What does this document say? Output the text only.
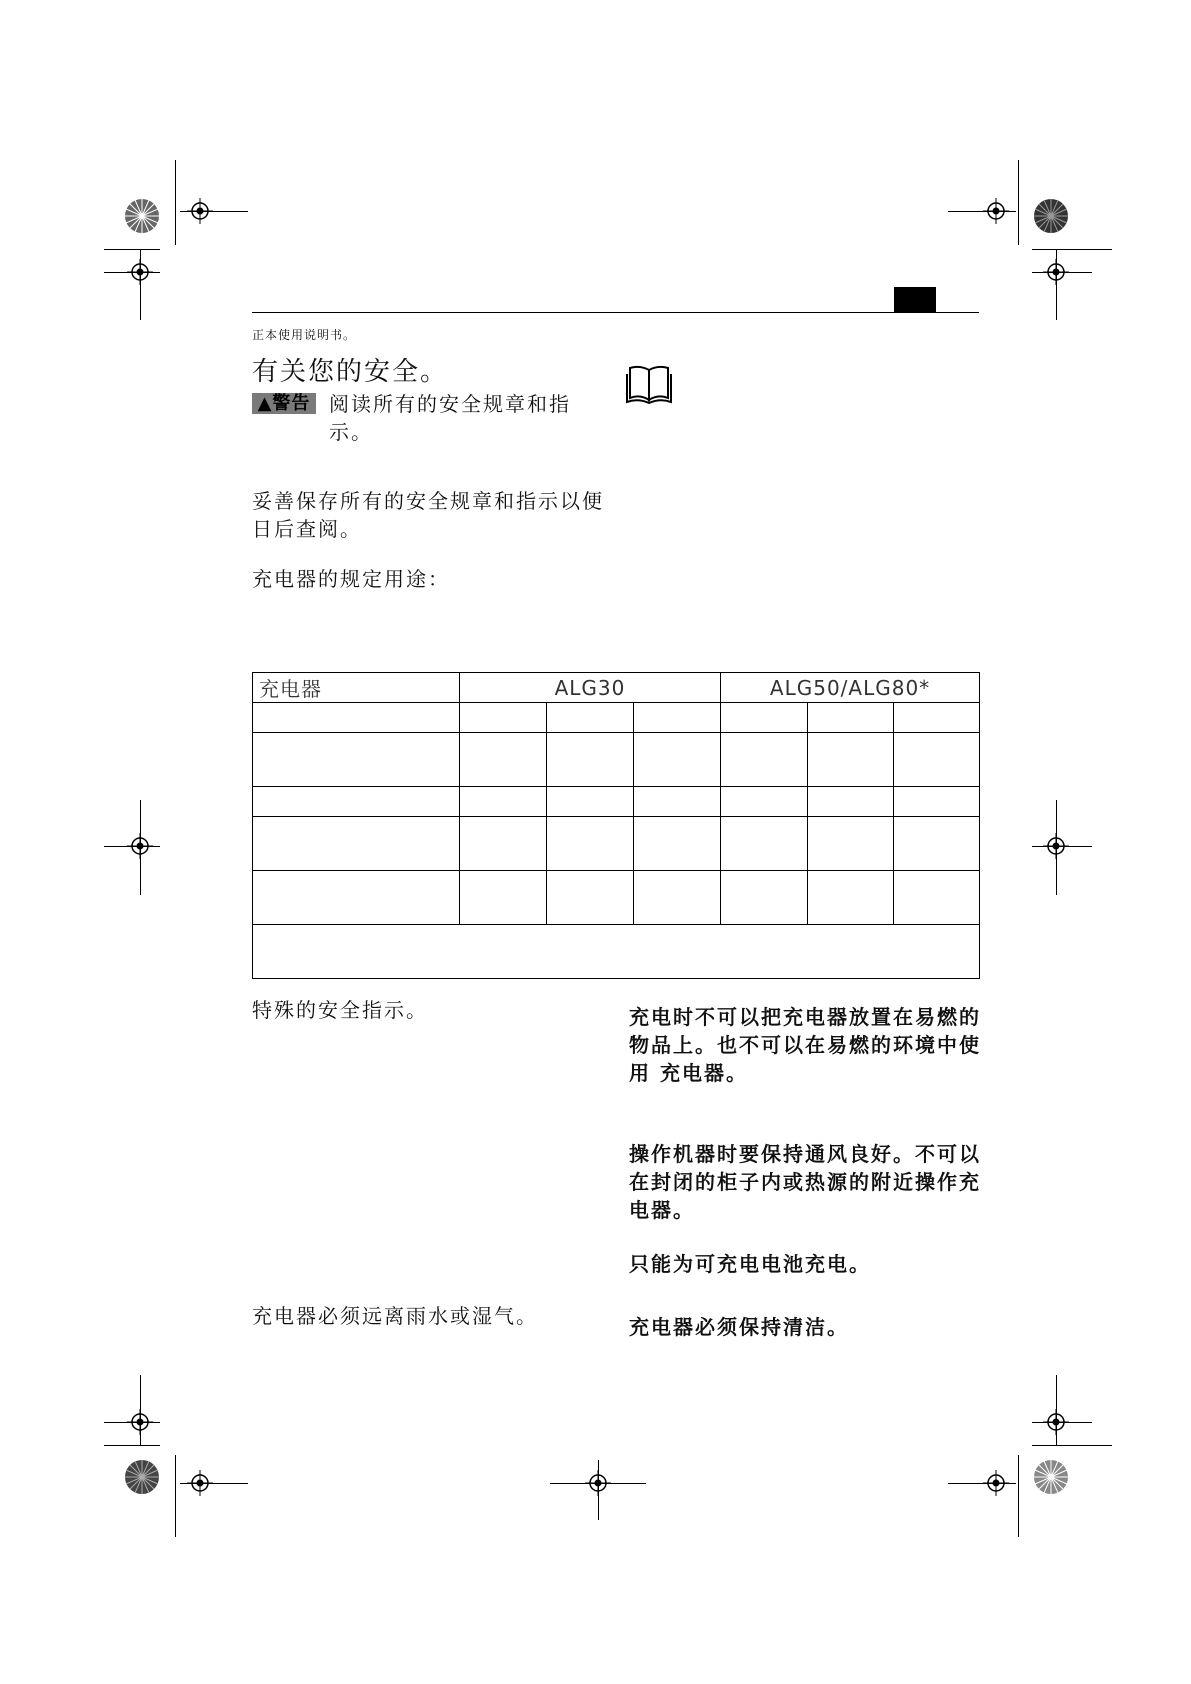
正本使用说明书。
有关您的安全。
▲警告 阅读所有的安全规章和指示。
妥善保存所有的安全规章和指示以便日后查阅。
充电器的规定用途：
充电器	ALG30			ALG50/ALG80*		

特殊的安全指示。
充电器必须远离雨水或湿气。
充电时不可以把充电器放置在易燃的物品上。也不可以在易燃的环境中使用 充电器。
操作机器时要保持通风良好。不可以在封闭的柜子内或热源的附近操作充电器。
只能为可充电电池充电。
充电器必须保持清洁。
